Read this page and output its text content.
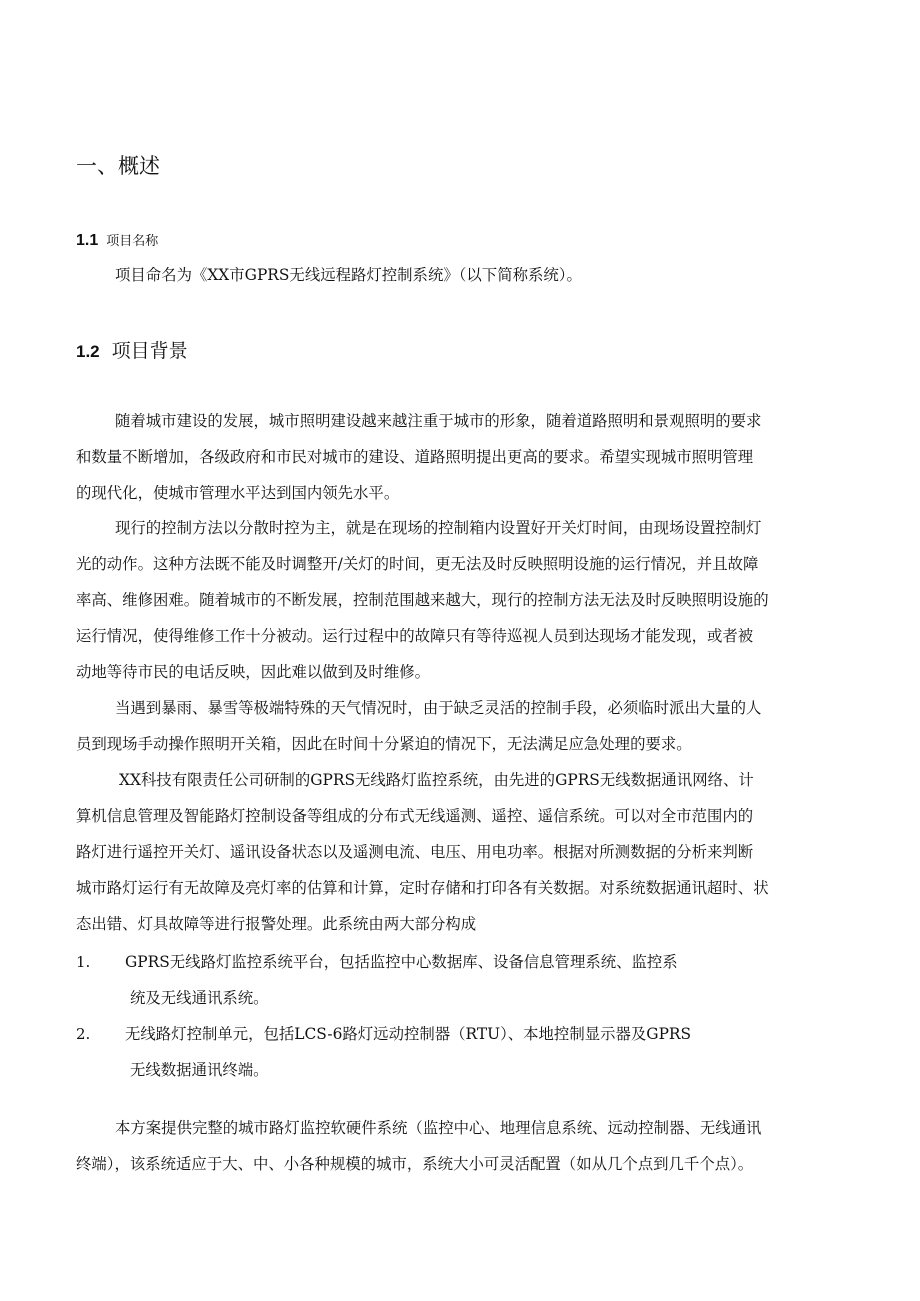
一、概述
1.1 项目名称
项目命名为《XX市GPRS无线远程路灯控制系统》（以下简称系统）。
1.2 项目背景
随着城市建设的发展，城市照明建设越来越注重于城市的形象，随着道路照明和景观照明的要求
和数量不断增加，各级政府和市民对城市的建设、道路照明提出更高的要求。希望实现城市照明管理
的现代化，使城市管理水平达到国内领先水平。
现行的控制方法以分散时控为主，就是在现场的控制箱内设置好开关灯时间，由现场设置控制灯
光的动作。这种方法既不能及时调整开/关灯的时间，更无法及时反映照明设施的运行情况，并且故障
率高、维修困难。随着城市的不断发展，控制范围越来越大，现行的控制方法无法及时反映照明设施的
运行情况，使得维修工作十分被动。运行过程中的故障只有等待巡视人员到达现场才能发现，或者被
动地等待市民的电话反映，因此难以做到及时维修。
当遇到暴雨、暴雪等极端特殊的天气情况时，由于缺乏灵活的控制手段，必须临时派出大量的人
员到现场手动操作照明开关箱，因此在时间十分紧迫的情况下，无法满足应急处理的要求。
XX科技有限责任公司研制的GPRS无线路灯监控系统，由先进的GPRS无线数据通讯网络、计
算机信息管理及智能路灯控制设备等组成的分布式无线遥测、遥控、遥信系统。可以对全市范围内的
路灯进行遥控开关灯、遥讯设备状态以及遥测电流、电压、用电功率。根据对所测数据的分析来判断
城市路灯运行有无故障及亮灯率的估算和计算，定时存储和打印各有关数据。对系统数据通讯超时、状
态出错、灯具故障等进行报警处理。此系统由两大部分构成
1. GPRS无线路灯监控系统平台，包括监控中心数据库、设备信息管理系统、监控系
统及无线通讯系统。
2. 无线路灯控制单元，包括LCS-6路灯远动控制器（RTU）、本地控制显示器及GPRS
无线数据通讯终端。
本方案提供完整的城市路灯监控软硬件系统（监控中心、地理信息系统、远动控制器、无线通讯
终端），该系统适应于大、中、小各种规模的城市，系统大小可灵活配置（如从几个点到几千个点）。
